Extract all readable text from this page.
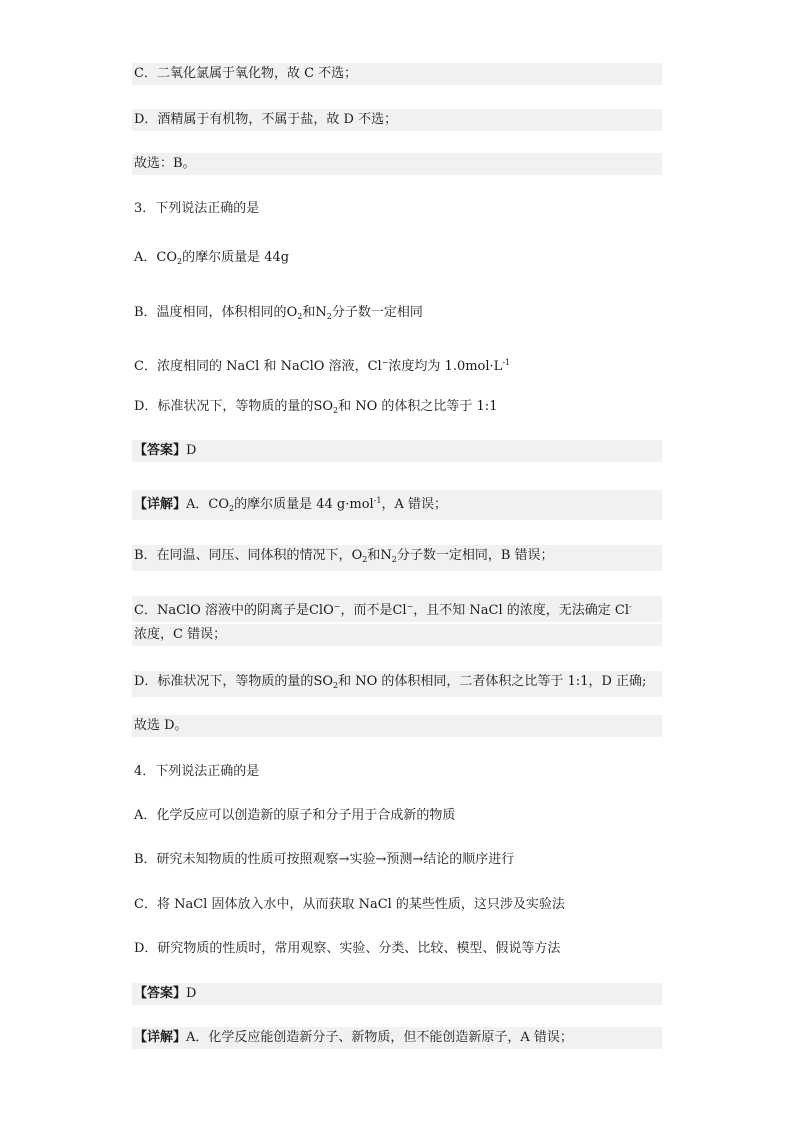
C．二氧化氯属于氧化物，故 C 不选；
D．酒精属于有机物，不属于盐，故 D 不选；
故选：B。
3．下列说法正确的是
A．$CO_2$的摩尔质量是 44g
B．温度相同，体积相同的$O_2$和$N_2$分子数一定相同
C．浓度相同的 NaCl 和 NaClO 溶液，Cl−浓度均为 $1.0mol\cdot L^{-1}$
D．标准状况下，等物质的量的$SO_2$和 NO 的体积之比等于 1:1
【答案】D
【详解】A．$CO_2$的摩尔质量是 44 g·mol$^{-1}$，A 错误；
B．在同温、同压、同体积的情况下，$O_2$和$N_2$分子数一定相同，B 错误；
C．NaClO 溶液中的阴离子是ClO−，而不是Cl−，且不知 NaCl 的浓度，无法确定 Cl-
浓度，C 错误；
D．标准状况下，等物质的量的$SO_2$和 NO 的体积相同，二者体积之比等于 1:1，D 正确;
故选 D。
4．下列说法正确的是
A．化学反应可以创造新的原子和分子用于合成新的物质
B．研究未知物质的性质可按照观察→实验→预测→结论的顺序进行
C．将 NaCl 固体放入水中，从而获取 NaCl 的某些性质，这只涉及实验法
D．研究物质的性质时，常用观察、实验、分类、比较、模型、假说等方法
【答案】D
【详解】A．化学反应能创造新分子、新物质，但不能创造新原子，A 错误；
